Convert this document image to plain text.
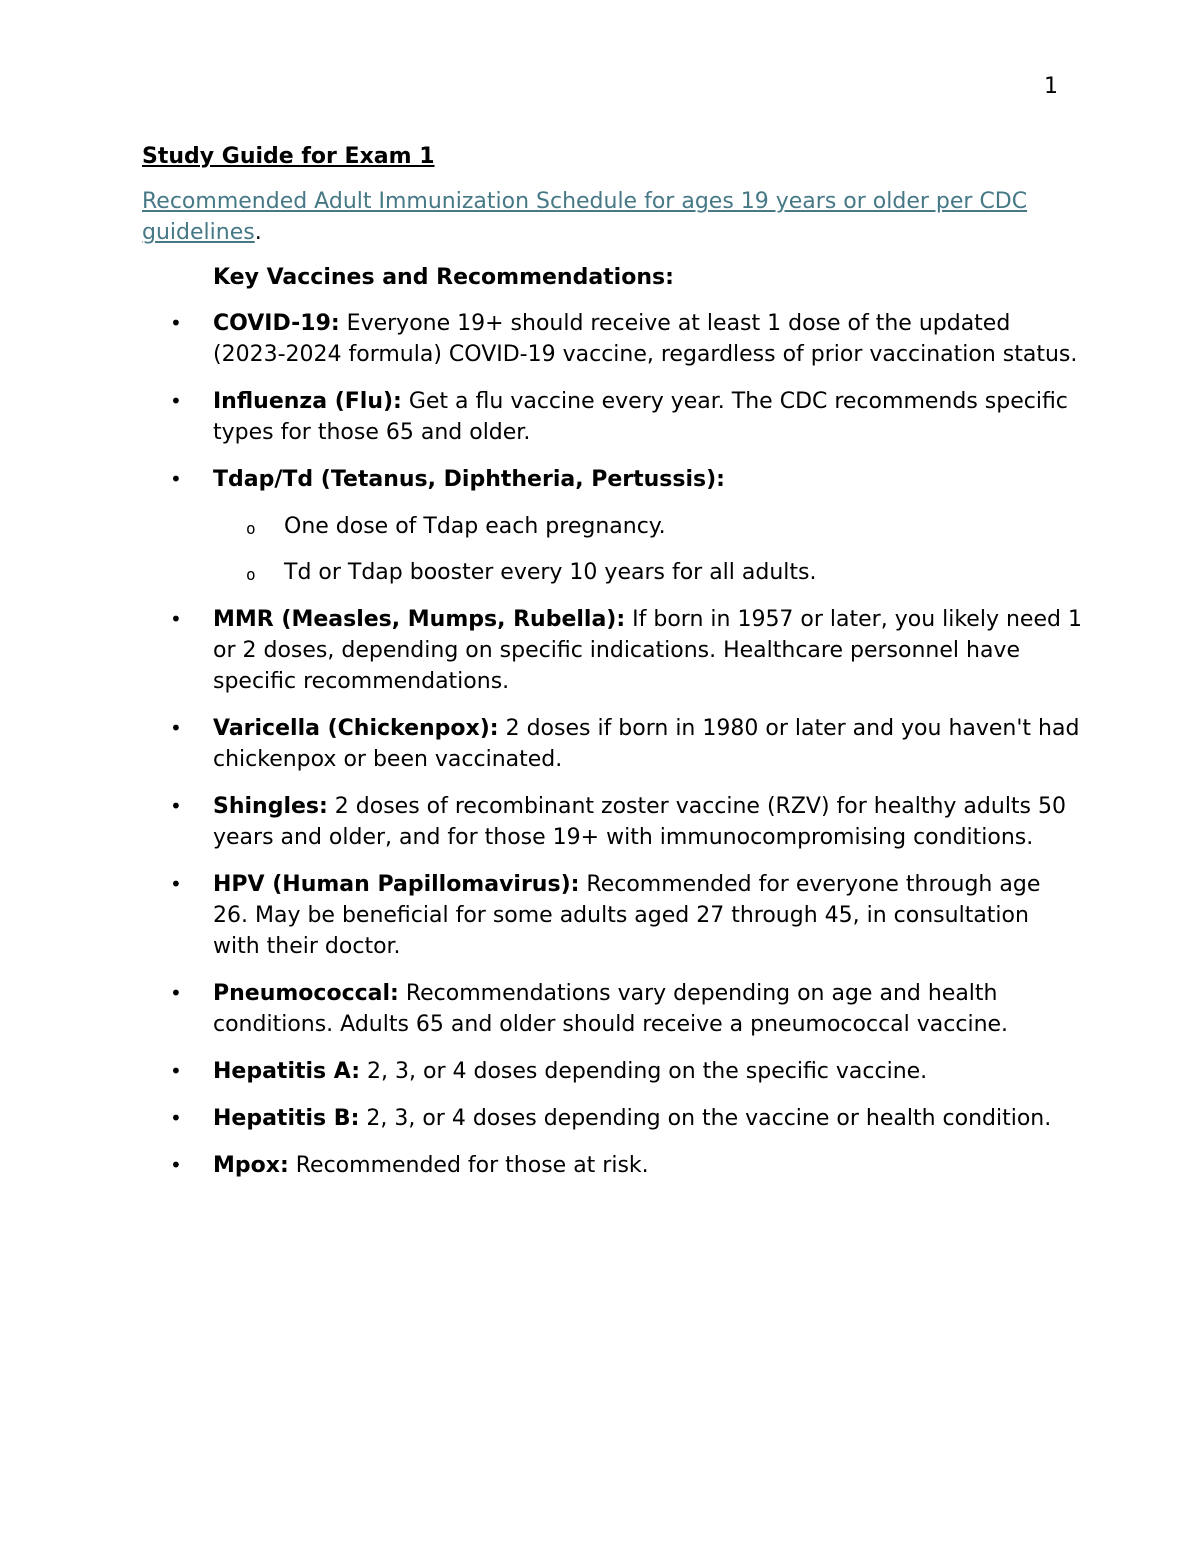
1
Study Guide for Exam 1
Recommended Adult Immunization Schedule for ages 19 years or older per CDC guidelines.
Key Vaccines and Recommendations:
• COVID-19: Everyone 19+ should receive at least 1 dose of the updated (2023-2024 formula) COVID-19 vaccine, regardless of prior vaccination status.
• Influenza (Flu): Get a flu vaccine every year. The CDC recommends specific types for those 65 and older.
• Tdap/Td (Tetanus, Diphtheria, Pertussis):
o One dose of Tdap each pregnancy.
o Td or Tdap booster every 10 years for all adults.
• MMR (Measles, Mumps, Rubella): If born in 1957 or later, you likely need 1 or 2 doses, depending on specific indications. Healthcare personnel have specific recommendations.
• Varicella (Chickenpox): 2 doses if born in 1980 or later and you haven't had chickenpox or been vaccinated.
• Shingles: 2 doses of recombinant zoster vaccine (RZV) for healthy adults 50 years and older, and for those 19+ with immunocompromising conditions.
• HPV (Human Papillomavirus): Recommended for everyone through age 26. May be beneficial for some adults aged 27 through 45, in consultation with their doctor.
• Pneumococcal: Recommendations vary depending on age and health conditions. Adults 65 and older should receive a pneumococcal vaccine.
• Hepatitis A: 2, 3, or 4 doses depending on the specific vaccine.
• Hepatitis B: 2, 3, or 4 doses depending on the vaccine or health condition.
• Mpox: Recommended for those at risk.
